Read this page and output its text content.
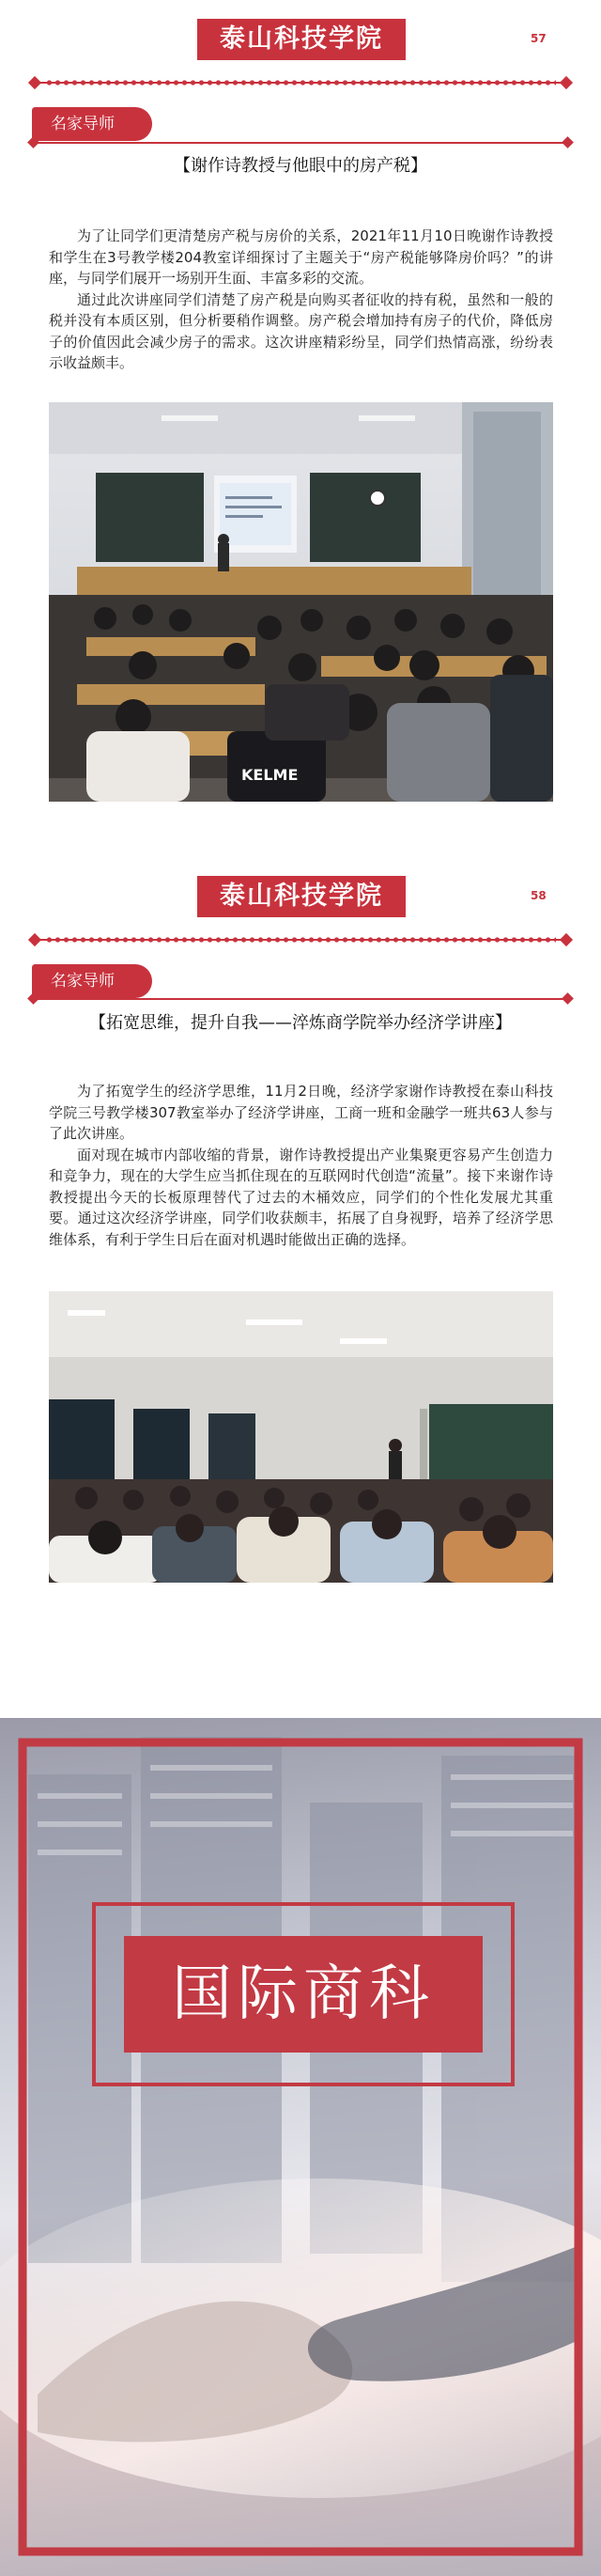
泰山科技学院	57
名家导师
【谢作诗教授与他眼中的房产税】

为了让同学们更清楚房产税与房价的关系，2021年11月10日晚谢作诗教授和学生在3号教学楼204教室详细探讨了主题关于“房产税能够降房价吗？”的讲座，与同学们展开一场别开生面、丰富多彩的交流。

通过此次讲座同学们清楚了房产税是向购买者征收的持有税，虽然和一般的税并没有本质区别，但分析要稍作调整。房产税会增加持有房子的代价，降低房子的价值因此会减少房子的需求。这次讲座精彩纷呈，同学们热情高涨，纷纷表示收益颇丰。

KELME
泰山科技学院	58
名家导师
【拓宽思维，提升自我——淬炼商学院举办经济学讲座】

为了拓宽学生的经济学思维，11月2日晚，经济学家谢作诗教授在泰山科技学院三号教学楼307教室举办了经济学讲座，工商一班和金融学一班共63人参与了此次讲座。

面对现在城市内部收缩的背景，谢作诗教授提出产业集聚更容易产生创造力和竞争力，现在的大学生应当抓住现在的互联网时代创造“流量”。接下来谢作诗教授提出今天的长板原理替代了过去的木桶效应，同学们的个性化发展尤其重要。通过这次经济学讲座，同学们收获颇丰，拓展了自身视野，培养了经济学思维体系，有利于学生日后在面对机遇时能做出正确的选择。

国际商科
